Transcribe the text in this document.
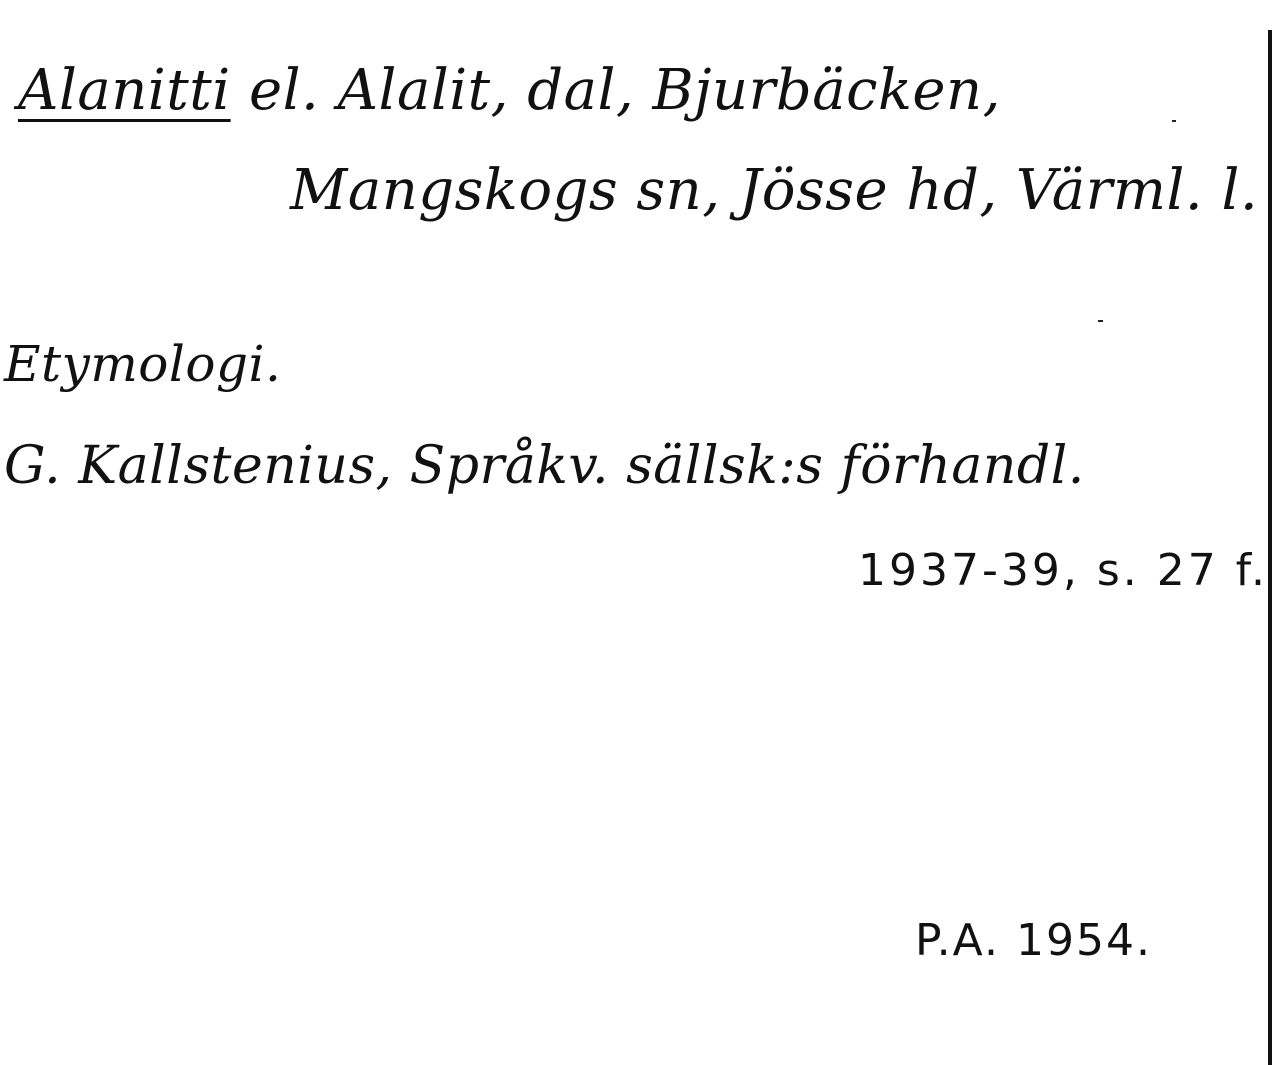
Alanitti el. Alalit, dal, Bjurbäcken,
Mangskogs sn, Jösse hd, Värml. l.
Etymologi.
G. Kallstenius, Språkv. sällsk:s förhandl.
1937-39, s. 27 f.
P.A. 1954.
